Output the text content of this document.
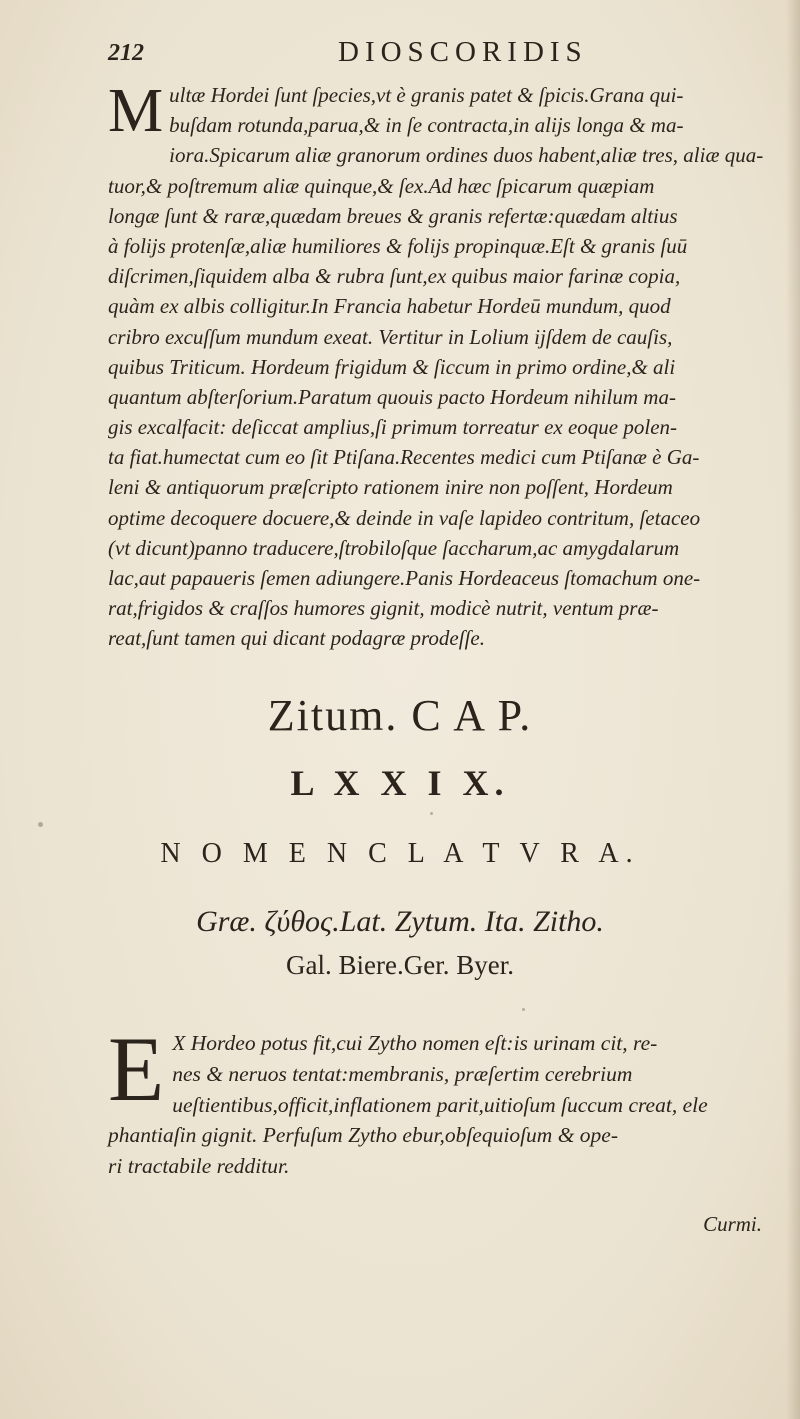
212	DIOSCORIDIS
M ultæ Hordei ſunt ſpecies,vt è granis patet & ſpicis.Grana qui-
buſdam rotunda,parua,& in ſe contracta,in alijs longa & ma-
iora.Spicarum aliæ granorum ordines duos habent,aliæ tres, aliæ qua-
tuor,& poſtremum aliæ quinque,& ſex.Ad hæc ſpicarum quæpiam
longæ ſunt & raræ,quædam breues & granis refertæ:quædam altius
à folijs protenſæ,aliæ humiliores & folijs propinquæ.Eſt & granis ſuū
diſcrimen,ſiquidem alba & rubra ſunt,ex quibus maior farinæ copia,
quàm ex albis colligitur.In Francia habetur Hordeū mundum, quod
cribro excuſſum mundum exeat. Vertitur in Lolium ijſdem de cauſis,
quibus Triticum. Hordeum frigidum & ſiccum in primo ordine,& ali
quantum abſterſorium.Paratum quouis pacto Hordeum nihilum ma-
gis excalfacit: deſiccat amplius,ſi primum torreatur ex eoque polen-
ta fiat.humectat cum eo ſit Ptiſana.Recentes medici cum Ptiſanæ è Ga-
leni & antiquorum præſcripto rationem inire non poſſent, Hordeum
optime decoquere docuere,& deinde in vaſe lapideo contritum, ſetaceo
(vt dicunt)panno traducere,ſtrobiloſque ſaccharum,ac amygdalarum
lac,aut papaueris ſemen adiungere.Panis Hordeaceus ſtomachum one-
rat,frigidos & craſſos humores gignit, modicè nutrit, ventum præ-
reat,ſunt tamen qui dicant podagræ prodeſſe.
Zitum. C A P.
L X X I X.
N O M E N C L A T V R A.
Græ. ζύθος.Lat. Zytum. Ita. Zitho.
Gal. Biere.Ger. Byer.
E X Hordeo potus fit,cui Zytho nomen eſt:is urinam cit, re-
nes & neruos tentat:membranis, præſertim cerebrium
ueſtientibus,officit,inflationem parit,uitioſum ſuccum creat, ele
phantiaſin gignit. Perfuſum Zytho ebur,obſequioſum & ope-
ri tractabile redditur.
Curmi.
